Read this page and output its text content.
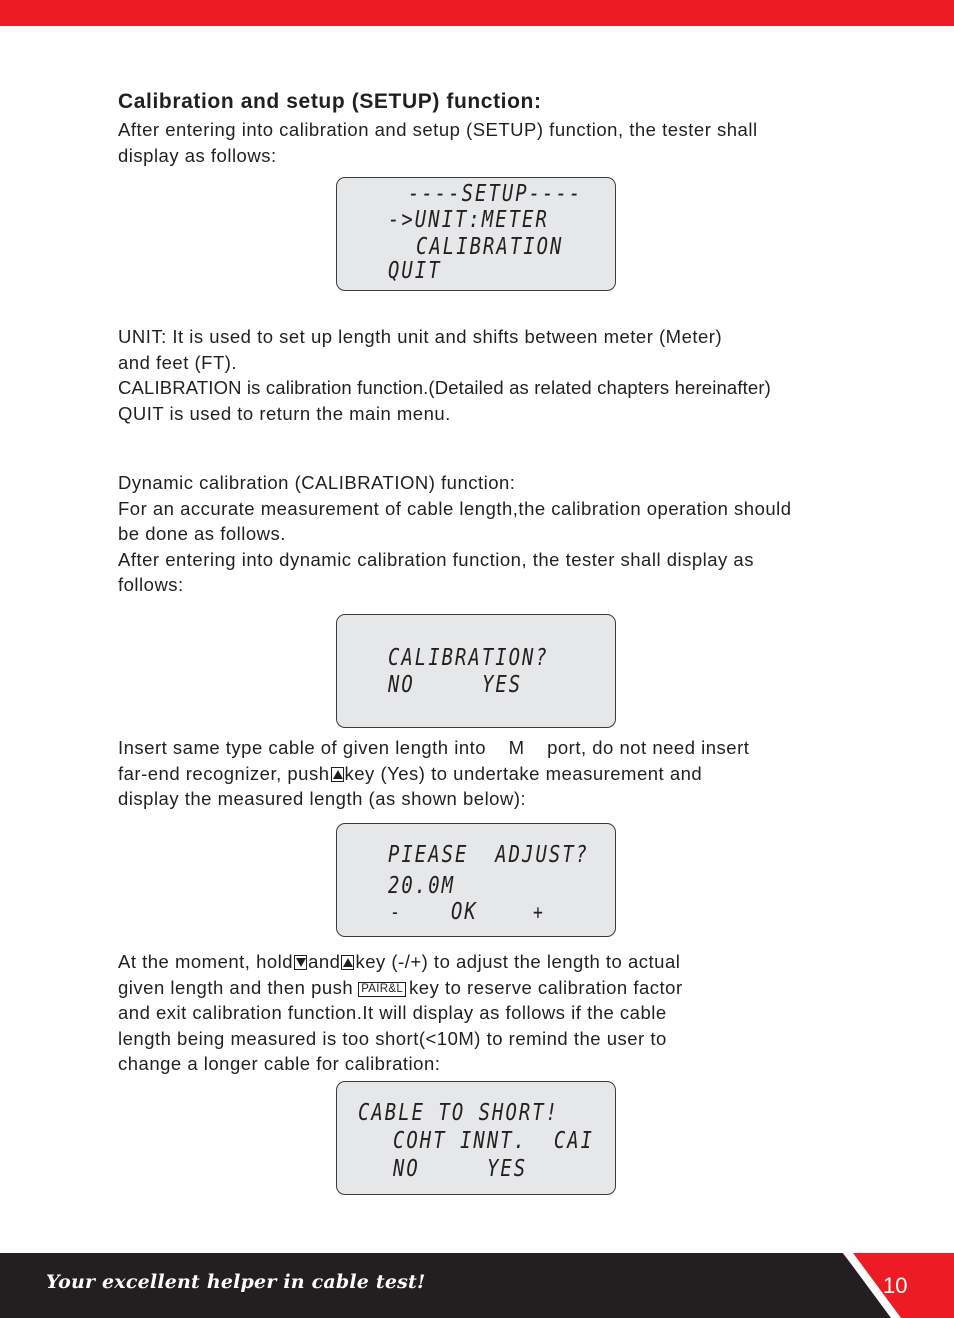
Calibration and setup (SETUP) function:
After entering into calibration and setup (SETUP) function, the tester shall
display as follows:
----SETUP----
->UNIT:METER
CALIBRATION
QUIT
UNIT: It is used to set up length unit and shifts between meter (Meter)
and feet (FT).
CALIBRATION is calibration function.(Detailed as related chapters hereinafter)
QUIT is used to return the main menu.
Dynamic calibration (CALIBRATION) function:
For an accurate measurement of cable length,the calibration operation should
be done as follows.
After entering into dynamic calibration function, the tester shall display as
follows:
CALIBRATION?
NO	YES
Insert same type cable of given length into    M    port, do not need insert
far-end recognizer, push key (Yes) to undertake measurement and
display the measured length (as shown below):
PIEASE  ADJUST?
20.0M
- OK	+
At the moment, hold and key (-/+) to adjust the length to actual
given length and then push PAIR&L key to reserve calibration factor
and exit calibration function.It will display as follows if the cable
length being measured is too short(<10M) to remind the user to
change a longer cable for calibration:
CABLE TO SHORT!
COHT INNT.  CAI
NO	YES
Your excellent helper in cable test!	10
